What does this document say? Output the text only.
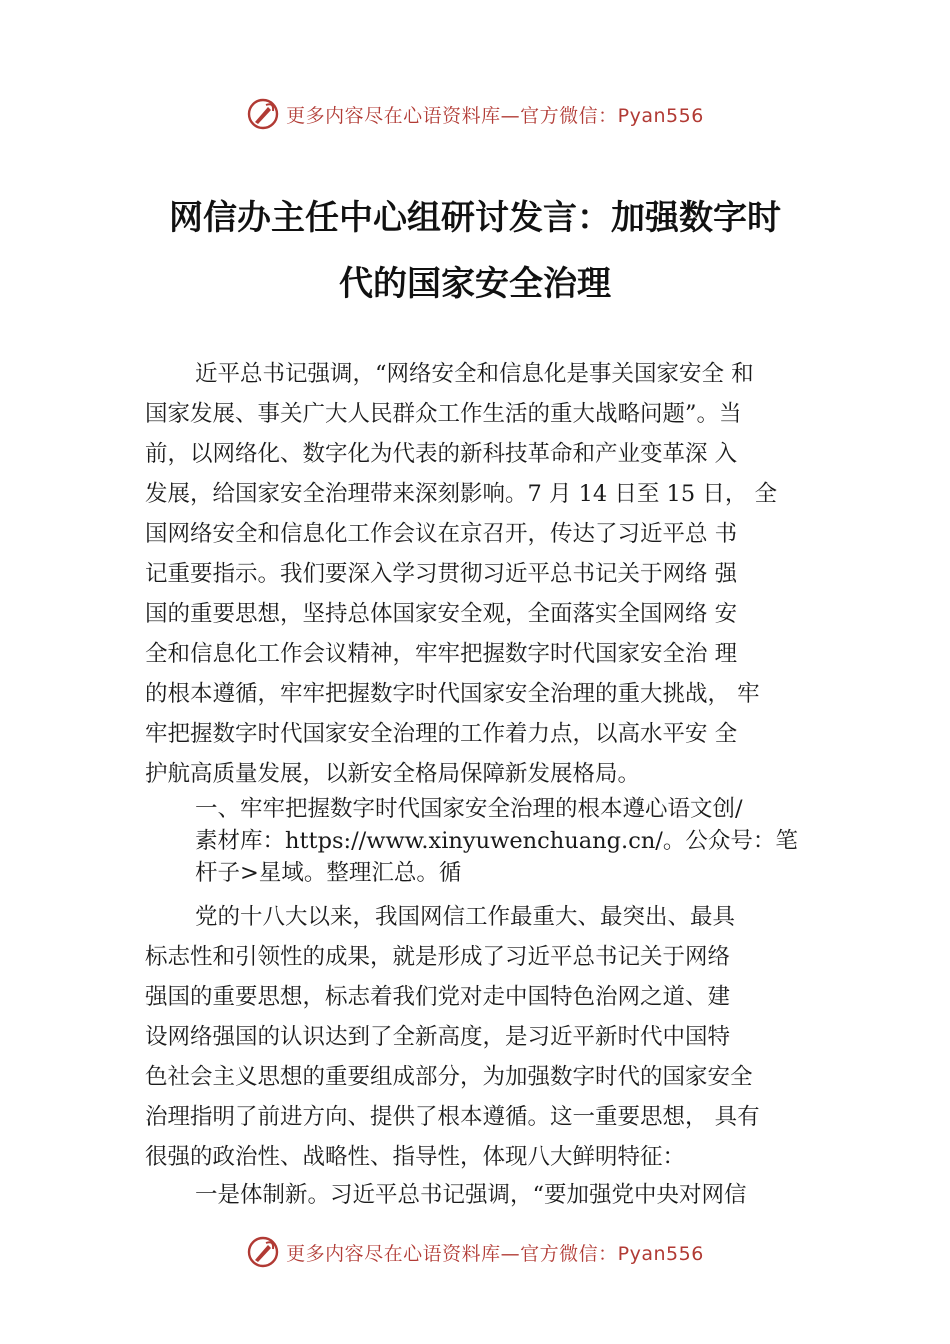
更多内容尽在心语资料库—官方微信：Pyan556
网信办主任中心组研讨发言：加强数字时
代的国家安全治理
近平总书记强调，“网络安全和信息化是事关国家安全 和
国家发展、事关广大人民群众工作生活的重大战略问题”。当
前，以网络化、数字化为代表的新科技革命和产业变革深 入
发展，给国家安全治理带来深刻影响。7 月 14 日至 15 日， 全
国网络安全和信息化工作会议在京召开，传达了习近平总 书
记重要指示。我们要深入学习贯彻习近平总书记关于网络 强
国的重要思想，坚持总体国家安全观，全面落实全国网络 安
全和信息化工作会议精神，牢牢把握数字时代国家安全治 理
的根本遵循，牢牢把握数字时代国家安全治理的重大挑战， 牢
牢把握数字时代国家安全治理的工作着力点，以高水平安 全
护航高质量发展，以新安全格局保障新发展格局。
一、牢牢把握数字时代国家安全治理的根本遵心语文创/
素材库：https://www.xinyuwenchuang.cn/。公众号：笔
杆子>星域。整理汇总。循
党的十八大以来，我国网信工作最重大、最突出、最具
标志性和引领性的成果，就是形成了习近平总书记关于网络
强国的重要思想，标志着我们党对走中国特色治网之道、建
设网络强国的认识达到了全新高度，是习近平新时代中国特
色社会主义思想的重要组成部分，为加强数字时代的国家安全
治理指明了前进方向、提供了根本遵循。这一重要思想， 具有
很强的政治性、战略性、指导性，体现八大鲜明特征：
一是体制新。习近平总书记强调，“要加强党中央对网信
更多内容尽在心语资料库—官方微信：Pyan556
